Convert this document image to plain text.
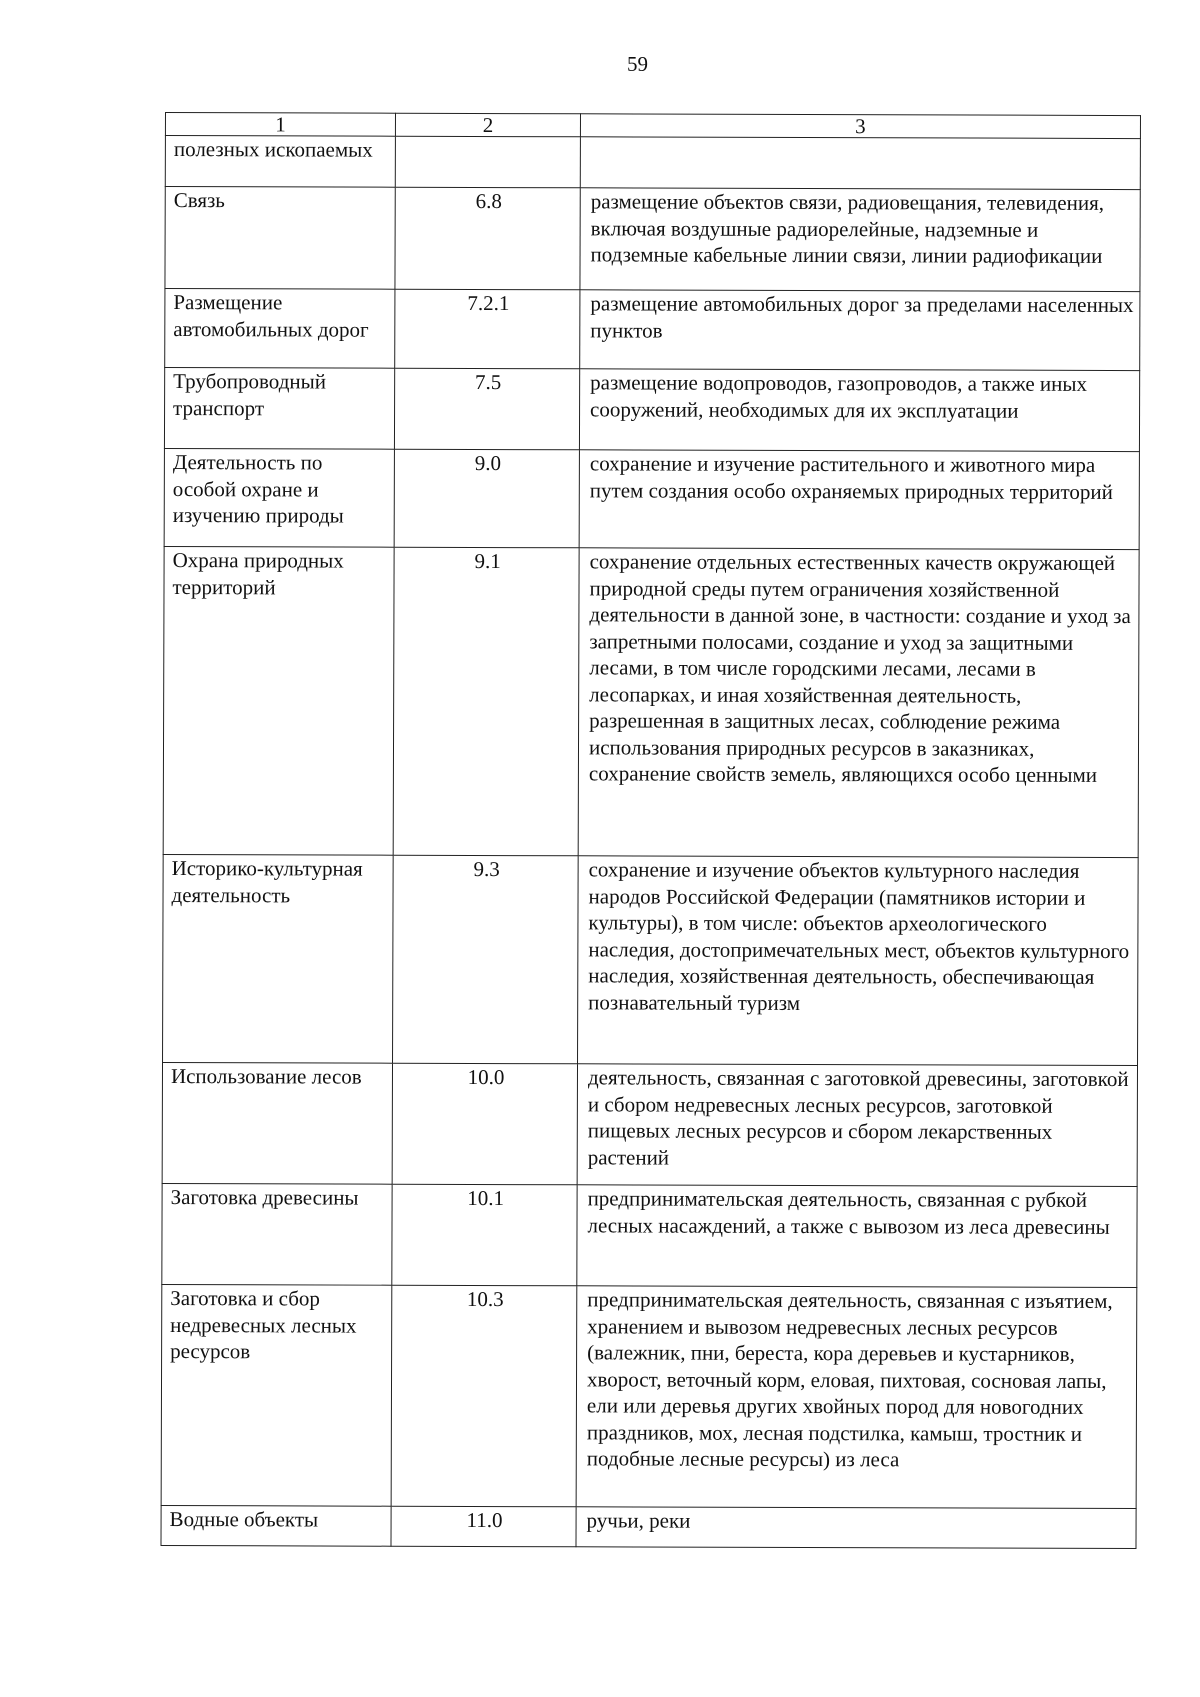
59
1	2	3
полезных ископаемых		
Связь	6.8	размещение объектов связи, радиовещания, телевидения, включая воздушные радиорелейные, надземные и подземные кабельные линии связи, линии радиофикации
Размещение автомобильных дорог	7.2.1	размещение автомобильных дорог за пределами населенных пунктов
Трубопроводный транспорт	7.5	размещение водопроводов, газопроводов, а также иных сооружений, необходимых для их эксплуатации
Деятельность по особой охране и изучению природы	9.0	сохранение и изучение растительного и животного мира путем создания особо охраняемых природных территорий
Охрана природных территорий	9.1	сохранение отдельных естественных качеств окружающей природной среды путем ограничения хозяйственной деятельности в данной зоне, в частности: создание и уход за запретными полосами, создание и уход за защитными лесами, в том числе городскими лесами, лесами в лесопарках, и иная хозяйственная деятельность, разрешенная в защитных лесах, соблюдение режима использования природных ресурсов в заказниках, сохранение свойств земель, являющихся особо ценными
Историко-культурная деятельность	9.3	сохранение и изучение объектов культурного наследия народов Российской Федерации (памятников истории и культуры), в том числе: объектов археологического наследия, достопримечательных мест, объектов культурного наследия, хозяйственная деятельность, обеспечивающая познавательный туризм
Использование лесов	10.0	деятельность, связанная с заготовкой древесины, заготовкой и сбором недревесных лесных ресурсов, заготовкой пищевых лесных ресурсов и сбором лекарственных растений
Заготовка древесины	10.1	предпринимательская деятельность, связанная с рубкой лесных насаждений, а также с вывозом из леса древесины
Заготовка и сбор недревесных лесных ресурсов	10.3	предпринимательская деятельность, связанная с изъятием, хранением и вывозом недревесных лесных ресурсов (валежник, пни, береста, кора деревьев и кустарников, хворост, веточный корм, еловая, пихтовая, сосновая лапы, ели или деревья других хвойных пород для новогодних праздников, мох, лесная подстилка, камыш, тростник и подобные лесные ресурсы) из леса
Водные объекты	11.0	ручьи, реки
